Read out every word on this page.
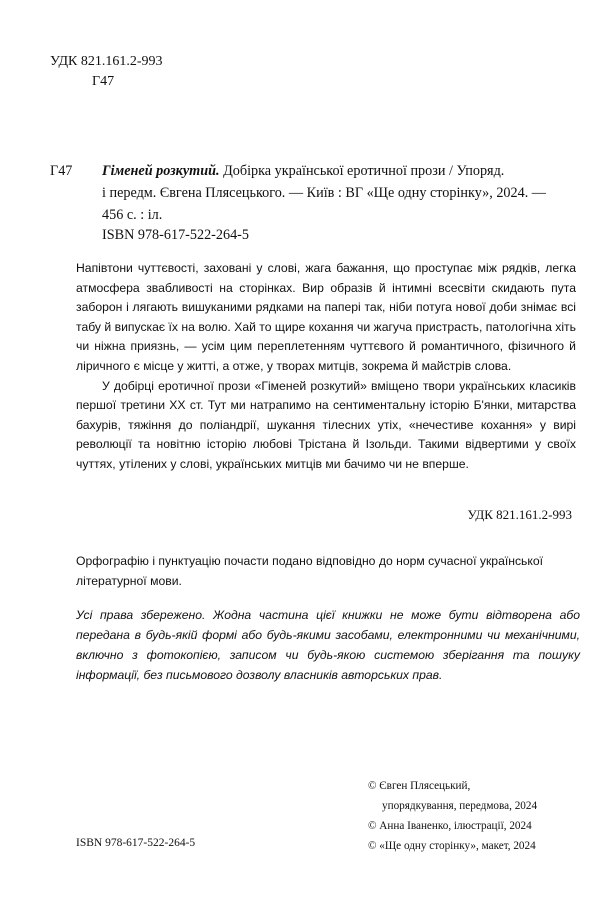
УДК 821.161.2-993
Г47
Г47 Гіменей розкутий. Добірка української еротичної прози / Упоряд.
і передм. Євгена Плясецького. — Київ : ВГ «Ще одну сторінку», 2024. —
456 с. : іл.
ISBN 978-617-522-264-5

Напівтони чуттєвості, заховані у слові, жага бажання, що проступає між рядків, легка атмосфера звабливості на сторінках. Вир образів й інтимні всесвіти скидають пута заборон і лягають вишуканими рядками на папері так, ніби потуга нової доби знімає всі табу й випускає їх на волю. Хай то щире кохання чи жагуча пристрасть, патологічна хіть чи ніжна приязнь, — усім цим переплетенням чуттєвого й романтичного, фізичного й ліричного є місце у житті, а отже, у творах митців, зокрема й майстрів слова.

У добірці еротичної прози «Гіменей розкутий» вміщено твори українських класиків першої третини XX ст. Тут ми натрапимо на сентиментальну історію Б'янки, митарства бахурів, тяжіння до поліандрії, шукання тілесних утіх, «нечестиве кохання» у вирі революції та новітню історію любові Трістана й Ізольди. Такими відвертими у своїх чуттях, утілених у слові, українських митців ми бачимо чи не вперше.

УДК 821.161.2-993
Орфографію і пунктуацію почасти подано відповідно до норм сучасної української літературної мови.
Усі права збережено. Жодна частина цієї книжки не може бути відтворена або передана в будь-якій формі або будь-якими засобами, електронними чи механічними, включно з фотокопією, записом чи будь-якою системою зберігання та пошуку інформації, без письмового дозволу власників авторських прав.
© Євген Плясецький,
упорядкування, передмова, 2024
© Анна Іваненко, ілюстрації, 2024
© «Ще одну сторінку», макет, 2024
ISBN 978-617-522-264-5
